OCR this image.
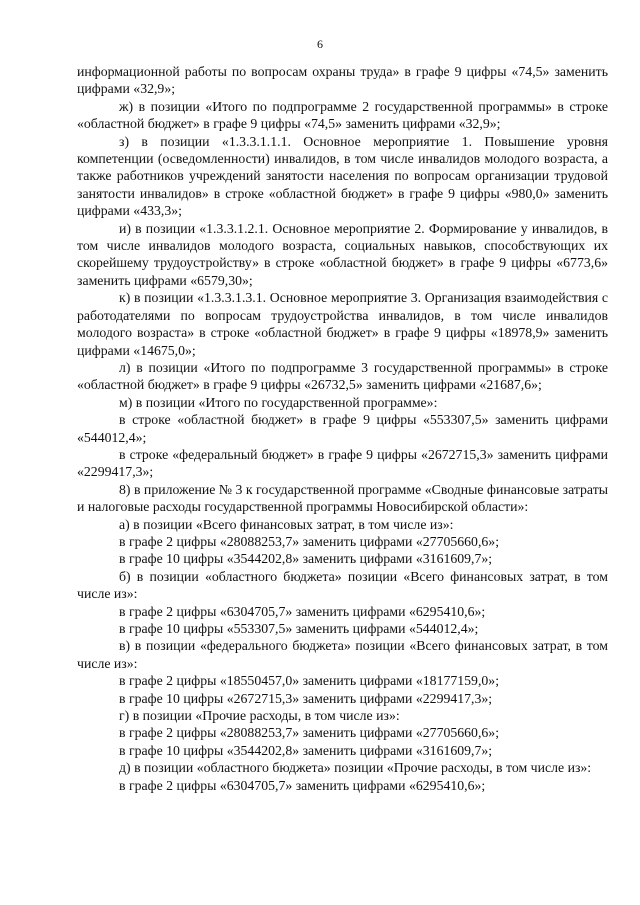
6

информационной работы по вопросам охраны труда» в графе 9 цифры «74,5» заменить цифрами «32,9»;

ж) в позиции «Итого по подпрограмме 2 государственной программы» в строке «областной бюджет» в графе 9 цифры «74,5» заменить цифрами «32,9»;

з) в позиции «1.3.3.1.1.1. Основное мероприятие 1. Повышение уровня компетенции (осведомленности) инвалидов, в том числе инвалидов молодого возраста, а также работников учреждений занятости населения по вопросам организации трудовой занятости инвалидов» в строке «областной бюджет» в графе 9 цифры «980,0» заменить цифрами «433,3»;

и) в позиции «1.3.3.1.2.1. Основное мероприятие 2. Формирование у инвалидов, в том числе инвалидов молодого возраста, социальных навыков, способствующих их скорейшему трудоустройству» в строке «областной бюджет» в графе 9 цифры «6773,6» заменить цифрами «6579,30»;

к) в позиции «1.3.3.1.3.1. Основное мероприятие 3. Организация взаимодействия с работодателями по вопросам трудоустройства инвалидов, в том числе инвалидов молодого возраста» в строке «областной бюджет» в графе 9 цифры «18978,9» заменить цифрами «14675,0»;

л) в позиции «Итого по подпрограмме 3 государственной программы» в строке «областной бюджет» в графе 9 цифры «26732,5» заменить цифрами «21687,6»;

м) в позиции «Итого по государственной программе»:

в строке «областной бюджет» в графе 9 цифры «553307,5» заменить цифрами «544012,4»;

в строке «федеральный бюджет» в графе 9 цифры «2672715,3» заменить цифрами «2299417,3»;

8) в приложение № 3 к государственной программе «Сводные финансовые затраты и налоговые расходы государственной программы Новосибирской области»:

а) в позиции «Всего финансовых затрат, в том числе из»:

в графе 2 цифры «28088253,7» заменить цифрами «27705660,6»;

в графе 10 цифры «3544202,8» заменить цифрами «3161609,7»;

б) в позиции «областного бюджета» позиции «Всего финансовых затрат, в том числе из»:

в графе 2 цифры «6304705,7» заменить цифрами «6295410,6»;

в графе 10 цифры «553307,5» заменить цифрами «544012,4»;

в) в позиции «федерального бюджета» позиции «Всего финансовых затрат, в том числе из»:

в графе 2 цифры «18550457,0» заменить цифрами «18177159,0»;

в графе 10 цифры «2672715,3» заменить цифрами «2299417,3»;

г) в позиции «Прочие расходы, в том числе из»:

в графе 2 цифры «28088253,7» заменить цифрами «27705660,6»;

в графе 10 цифры «3544202,8» заменить цифрами «3161609,7»;

д) в позиции «областного бюджета» позиции «Прочие расходы, в том числе из»:

в графе 2 цифры «6304705,7» заменить цифрами «6295410,6»;
